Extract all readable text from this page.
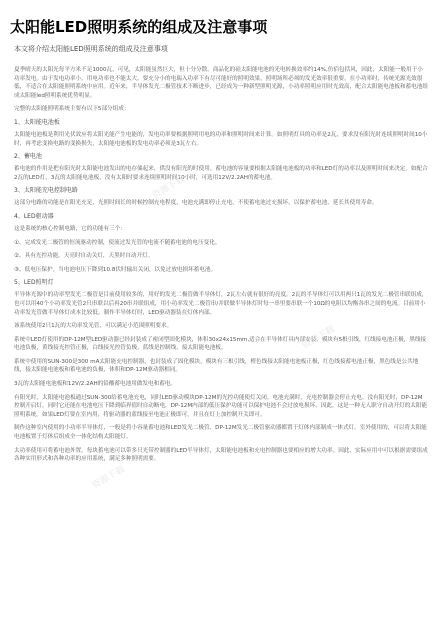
太阳能LED照明系统的组成及注意事项
本文将介绍太阳能LED照明系统的组成及注意事项

夏季晴天的太阳光每平方米不足1000瓦，可见，太阳能虽然巨大，但十分分散。商品化的硅太阳能电池的光电转换效率约14%,仿佰包括风，因此，太阳能一般用于小功率发电。由于发电功率小，用电功率也不能太大，要充分小的电瑞入功率下有尽可能好的照明效果，照明场所必须的发光效率很重要。在小功率时，传统光源光效很低，不适合在太阳能照明系统中应用。近年来，半导体发光二极管技术不断进步，已经成为一种新型照明光源，小功率照明应用时光效高，配合太阳能电池板和蓄电池组成太阳能led照明系统优势明显。

完整的太阳能照明系统主要有以下5部分组成：

1、太阳能电池板

太阳能电池板是利用光伏效应将太阳光能产生电能的，发电功率要根据照明用电的功率和照明时间来计算。如照明灯具的功率是2瓦，要求没有阳光时连续照明时间10小时，再考虑变换电路的变换损失，太阳能电池板的发电功率必须是3瓦左右。

2、蓄电池

蓄电池的作用是把有阳光时太阳能电池发出的电存储起来，供没有阳光的时使用。蓄电池的容量要根据太阳能电池板的功率和LED灯的功率以及照明时间来决定。如配合2瓦的LED灯，3瓦的太阳能电池板，没有太阳时要求连续照明时间10小时，可选用12V/2.2AH的蓄电池。

3、太阳能充电控制电路

这部分电路的功能是在阳光充足，光照时间长的时候控制充电程度，电池充满即停止充电，不使蓄电池过充损坏，以保护蓄电池，延长其使用寿命。

4、LED驱动器

这是系统的核心控制电路，它的功能有三个：

①、完成发光二极管的恒流驱动控制，使流过发光管的电流不随蓄电池的电压变化。
②、具有光控功能，天亮时自动关灯，天黑时自动开灯。
③、低电压保护。当电池电压下降到10.8伏时输出关闭，以免过放电损坏蓄电池。
5、LED照明灯

半导体光源中的功率型发光二极管是目前使用较多的，用好的发光二极管做半导体灯，2瓦左右就有很好的亮度。2瓦的半导体灯可以用两只1瓦的发光二极管串联组成，也可以用40个小功率发光管2只串联以后再20串并联组成，用小功率发光二极管串/并联做半导体灯时每一串里要串联一个10Ω的电阻以均衡各串之间的电流。目前用小功率发光管做半导体灯成本比较低。制作半导体灯时，LED驱动器装在灯体内部。

该系统使用2只1瓦的大功率发光管，可以满足小范围照明要求。

系统中LED灯使用的DP-12M型LED驱动器已经封装成了密闭型固化模块，体积30x24x15mm,适合在半导体灯具内部安装。模块有5根引线，红线接电池正极，黑线接电池负极，黄线接光控管正极，白线接光控管负极，蓝线是控制线，接太阳能电池板。

系统中使用的SUN-300是300 mA太阳能充电控制器，也封装成了固化模块，模块有三根引线，橙色线接太阳能电池板正极，红色线接蓄电池正极，黑色线是公共地线，接太阳能电池板和蓄电池的负极，体积和DP-12M驱动器相同。

3瓦的太阳能电池板和12V/2.2AH的铅酸蓄电池用做发电和蓄电。

有阳光时，太阳能电池板通过SUN-300给蓄电池充电，同时LED驱动模块DP-12M的光控功能使灯关闭。电池充满时，充电控制器会停止充电。没有阳光时，DP-12M控制开启灯，同时它还能在电池电压下降到临界值时自动断电，DP-12M内部的低压保护功能可以保护电池不会过放电损坏。因此，这是一种无人职守自动开灯的太阳能照明系统。如果LED灯要在室内用，将驱动器的蓝线接至电池正极即可，并且在灯上加控制开关即可。

制作这种室内使用的小功率半导体灯，一般是将小容量蓄电池和LED发光二极管、DP-12M发光二极管驱动器都置于灯体内部制成一体式灯。室外使用的，可以将太阳能电池板置于灯体后组成全一体化结构太阳能灯。

太功率使用可将蓄电池外置，每块蓄电池可以带多只光带控制器的LED半导体灯，太阳能电池板和充电控制器也要相应的增大功率。因此，实际应用中可以根据需要组成各种实用形式和各种功率的应用系统，满足多种照明需要。

资源下载
资源下载
资源下载
